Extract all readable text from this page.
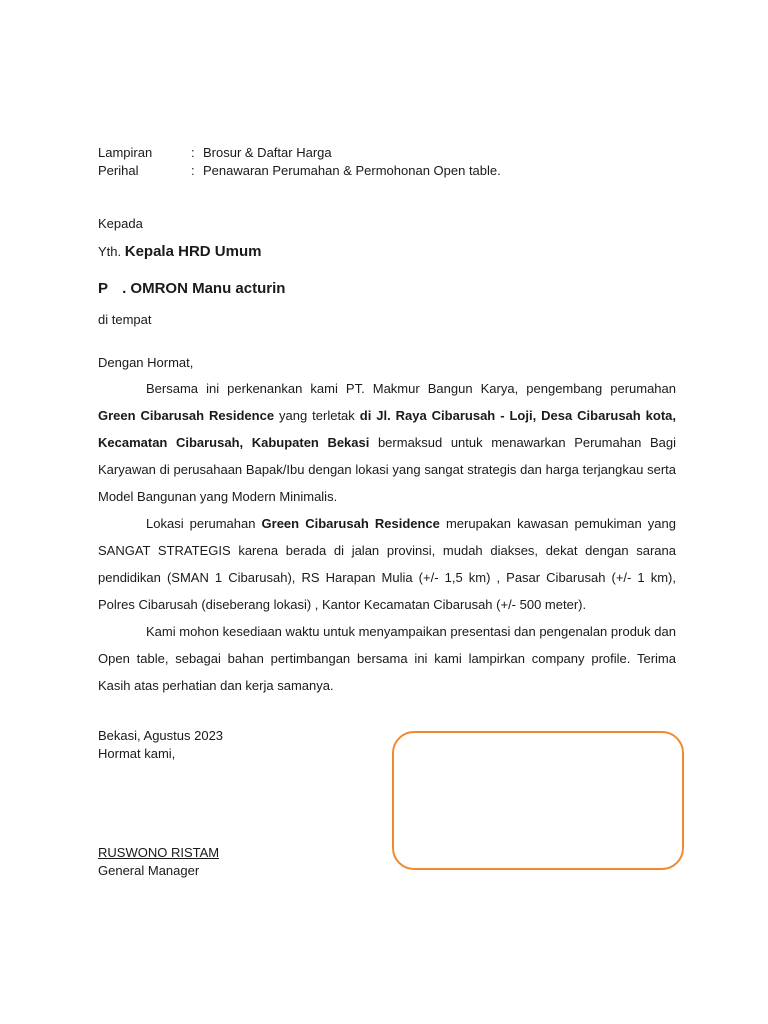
Lampiran	: Brosur & Daftar Harga
Perihal	: Penawaran Perumahan & Permohonan Open table.
Kepada
Yth. Kepala HRD Umum
P . OMRON Manu acturin
di tempat
Dengan Hormat,
Bersama ini perkenankan kami PT. Makmur Bangun Karya, pengembang perumahan Green Cibarusah Residence yang terletak di Jl. Raya Cibarusah - Loji, Desa Cibarusah kota, Kecamatan Cibarusah, Kabupaten Bekasi bermaksud untuk menawarkan Perumahan Bagi Karyawan di perusahaan Bapak/Ibu dengan lokasi yang sangat strategis dan harga terjangkau serta Model Bangunan yang Modern Minimalis.
Lokasi perumahan Green Cibarusah Residence merupakan kawasan pemukiman yang SANGAT STRATEGIS karena berada di jalan provinsi, mudah diakses, dekat dengan sarana pendidikan (SMAN 1 Cibarusah), RS Harapan Mulia (+/- 1,5 km) , Pasar Cibarusah (+/- 1 km), Polres Cibarusah (diseberang lokasi) , Kantor Kecamatan Cibarusah (+/- 500 meter).
Kami mohon kesediaan waktu untuk menyampaikan presentasi dan pengenalan produk dan Open table, sebagai bahan pertimbangan bersama ini kami lampirkan company profile. Terima Kasih atas perhatian dan kerja samanya.
Bekasi, Agustus 2023
Hormat kami,
RUSWONO RISTAM
General Manager
